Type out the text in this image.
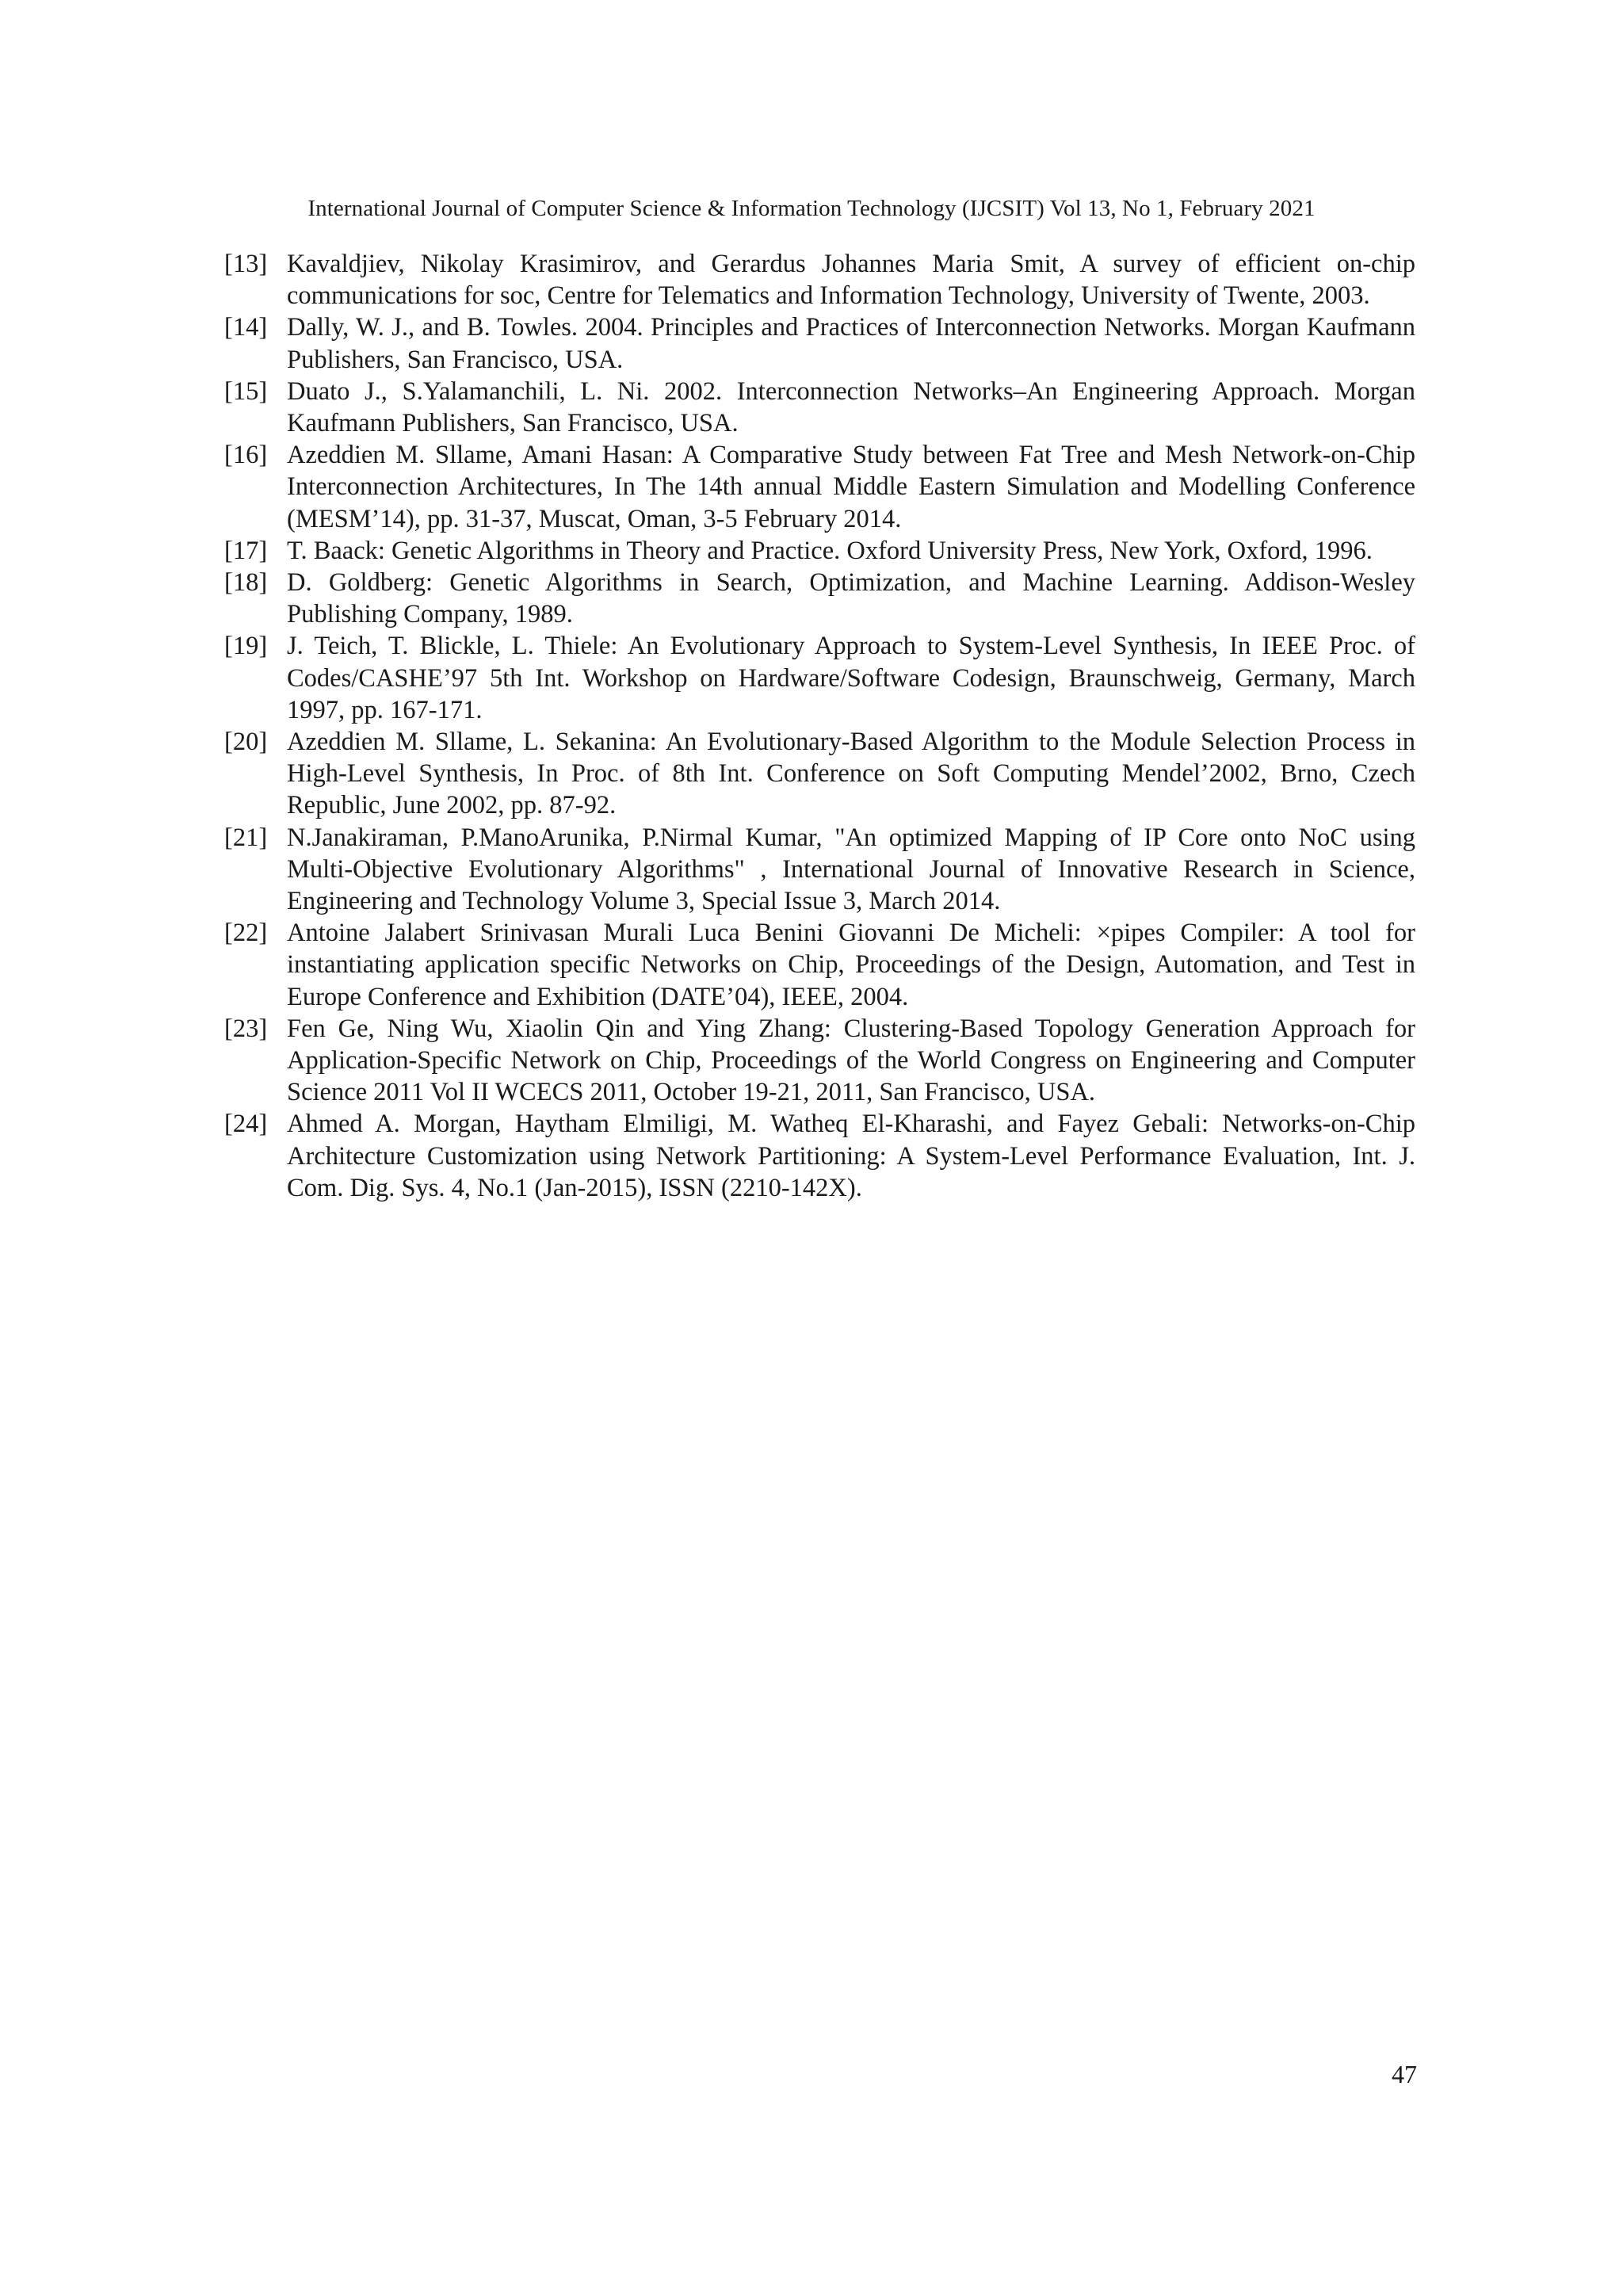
International Journal of Computer Science & Information Technology (IJCSIT) Vol 13, No 1, February 2021
[13] Kavaldjiev, Nikolay Krasimirov, and Gerardus Johannes Maria Smit, A survey of efficient on-chip communications for soc, Centre for Telematics and Information Technology, University of Twente, 2003.
[14] Dally, W. J., and B. Towles. 2004. Principles and Practices of Interconnection Networks. Morgan Kaufmann Publishers, San Francisco, USA.
[15] Duato J., S.Yalamanchili, L. Ni. 2002. Interconnection Networks–An Engineering Approach. Morgan Kaufmann Publishers, San Francisco, USA.
[16] Azeddien M. Sllame, Amani Hasan: A Comparative Study between Fat Tree and Mesh Network-on-Chip Interconnection Architectures, In The 14th annual Middle Eastern Simulation and Modelling Conference (MESM’14), pp. 31-37, Muscat, Oman, 3-5 February 2014.
[17] T. Baack: Genetic Algorithms in Theory and Practice. Oxford University Press, New York, Oxford, 1996.
[18] D. Goldberg: Genetic Algorithms in Search, Optimization, and Machine Learning. Addison-Wesley Publishing Company, 1989.
[19] J. Teich, T. Blickle, L. Thiele: An Evolutionary Approach to System-Level Synthesis, In IEEE Proc. of Codes/CASHE’97 5th Int. Workshop on Hardware/Software Codesign, Braunschweig, Germany, March 1997, pp. 167-171.
[20] Azeddien M. Sllame, L. Sekanina: An Evolutionary-Based Algorithm to the Module Selection Process in High-Level Synthesis, In Proc. of 8th Int. Conference on Soft Computing Mendel’2002, Brno, Czech Republic, June 2002, pp. 87-92.
[21] N.Janakiraman, P.ManoArunika, P.Nirmal Kumar, "An optimized Mapping of IP Core onto NoC using Multi-Objective Evolutionary Algorithms" , International Journal of Innovative Research in Science, Engineering and Technology Volume 3, Special Issue 3, March 2014.
[22] Antoine Jalabert Srinivasan Murali Luca Benini Giovanni De Micheli: ×pipes Compiler: A tool for instantiating application specific Networks on Chip, Proceedings of the Design, Automation, and Test in Europe Conference and Exhibition (DATE’04), IEEE, 2004.
[23] Fen Ge, Ning Wu, Xiaolin Qin and Ying Zhang: Clustering-Based Topology Generation Approach for Application-Specific Network on Chip, Proceedings of the World Congress on Engineering and Computer Science 2011 Vol II WCECS 2011, October 19-21, 2011, San Francisco, USA.
[24] Ahmed A. Morgan, Haytham Elmiligi, M. Watheq El-Kharashi, and Fayez Gebali: Networks-on-Chip Architecture Customization using Network Partitioning: A System-Level Performance Evaluation, Int. J. Com. Dig. Sys. 4, No.1 (Jan-2015), ISSN (2210-142X).
47
